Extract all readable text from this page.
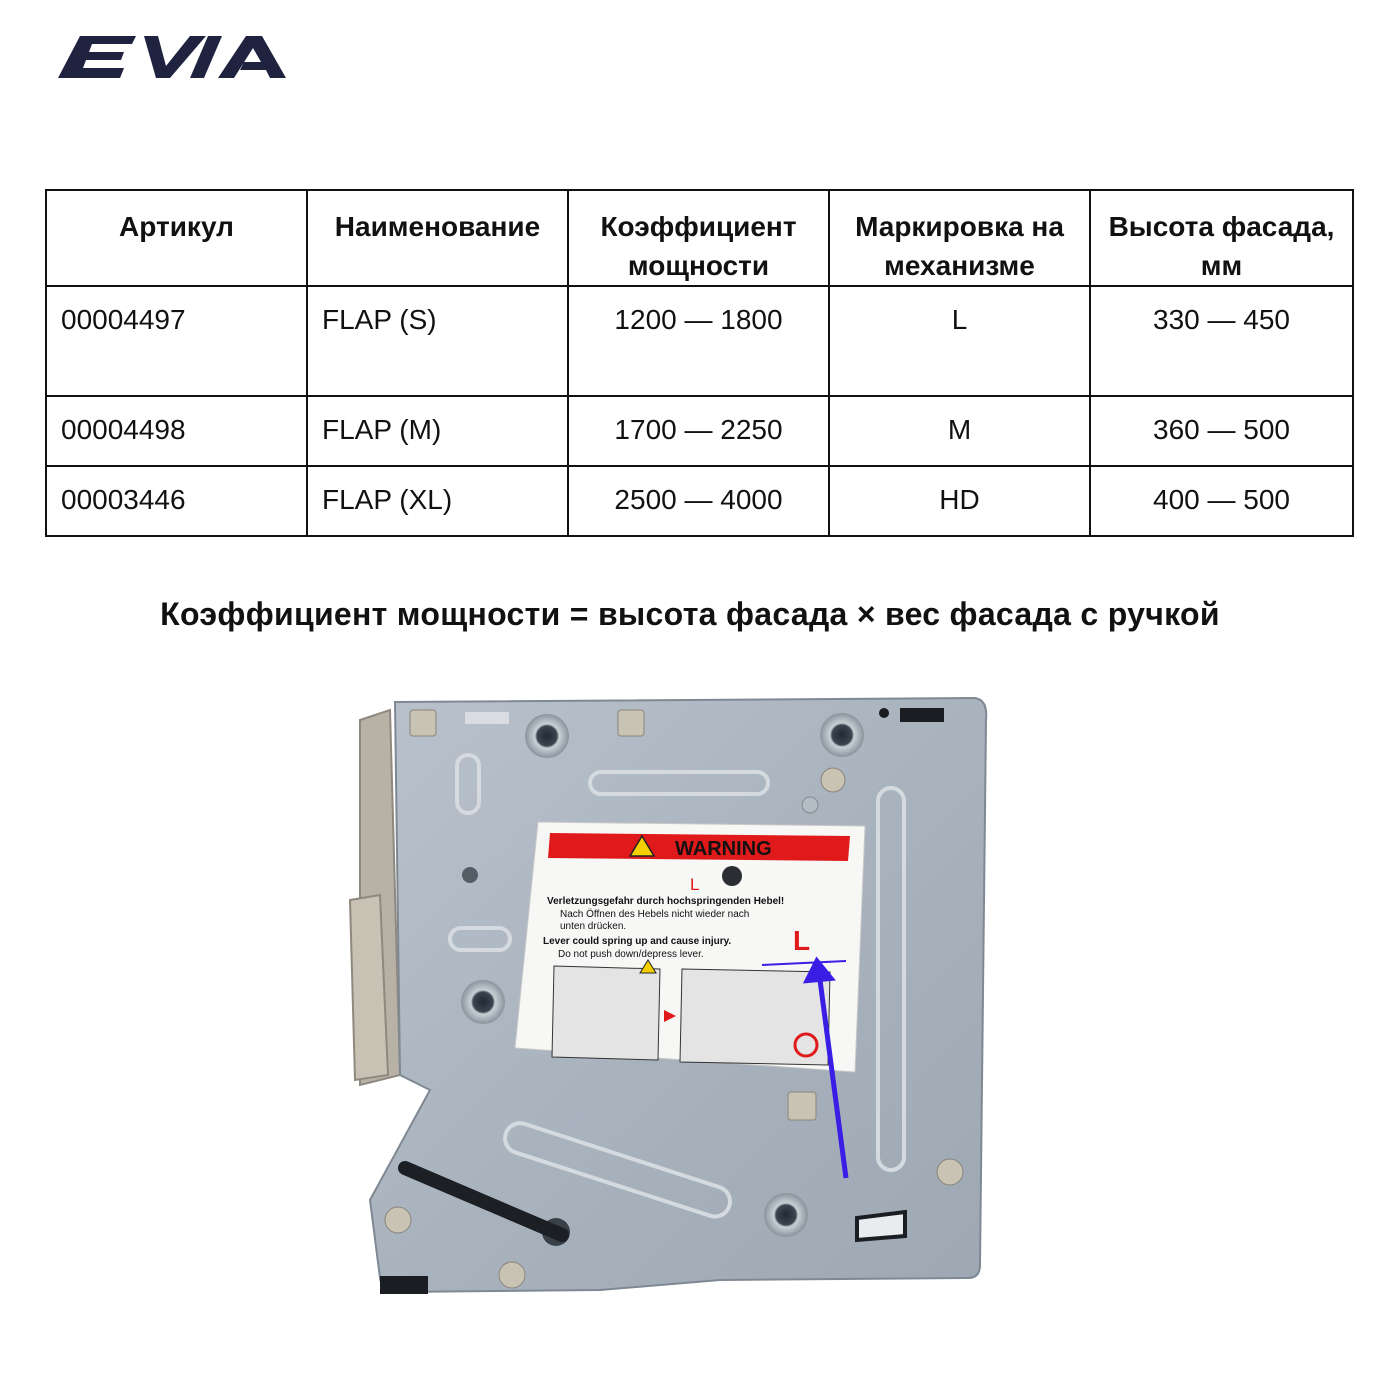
Артикул	Наименование	Коэффициент мощности	Маркировка на механизме	Высота фасада, мм
00004497	FLAP (S)	1200 — 1800	L	330 — 450
00004498	FLAP (M)	1700 — 2250	M	360 — 500
00003446	FLAP (XL)	2500 — 4000	HD	400 — 500
Коэффициент мощности = высота фасада × вес фасада с ручкой
WARNING
L
Verletzungsgefahr durch hochspringenden Hebel!
Nach Öffnen des Hebels nicht wieder nach
unten drücken.
Lever could spring up and cause injury.
Do not push down/depress lever.	L
